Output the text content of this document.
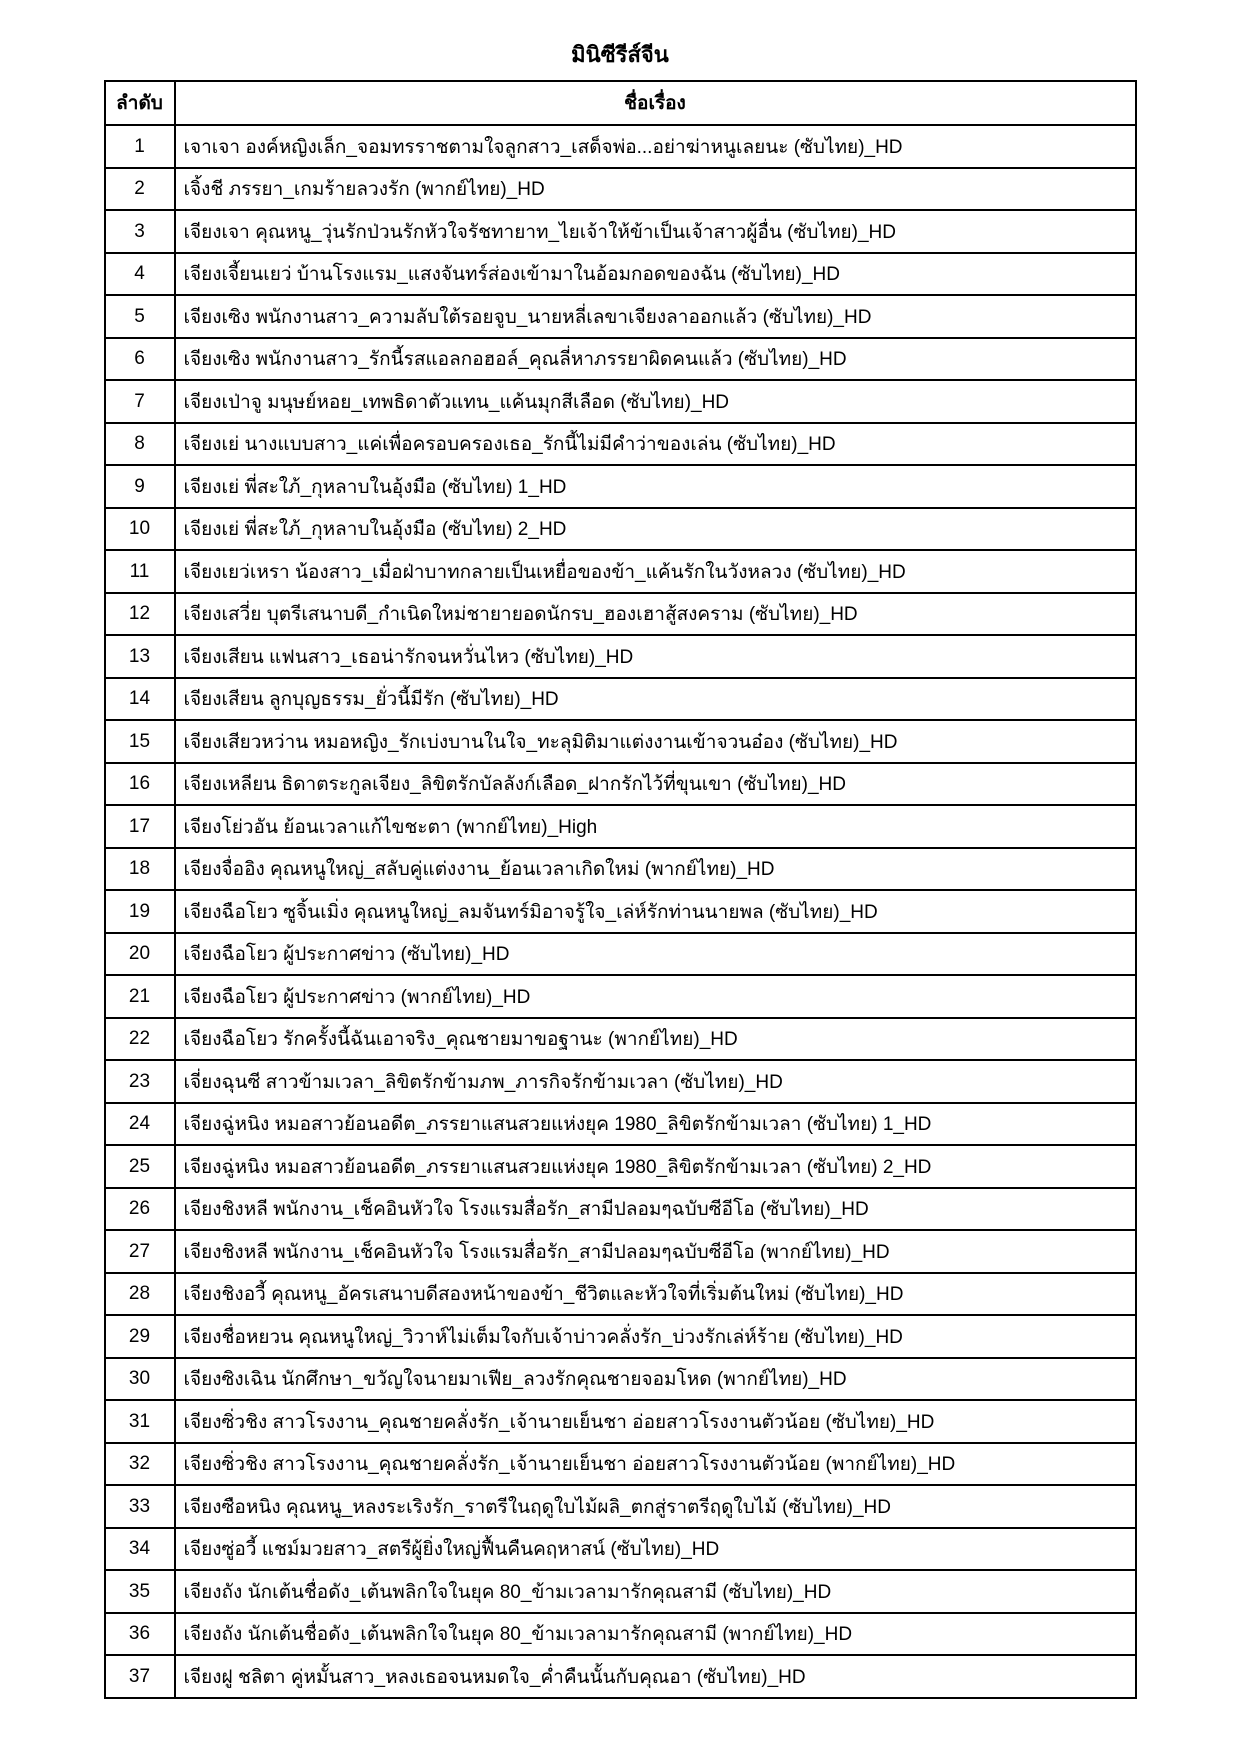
มินิซีรีส์จีน
ลำดับ	ชื่อเรื่อง
1	เจาเจา องค์หญิงเล็ก_จอมทรราชตามใจลูกสาว_เสด็จพ่อ...อย่าฆ่าหนูเลยนะ (ซับไทย)_HD
2	เจิ้งชี ภรรยา_เกมร้ายลวงรัก (พากย์ไทย)_HD
3	เจียงเจา คุณหนู_วุ่นรักป่วนรักหัวใจรัชทายาท_ไยเจ้าให้ข้าเป็นเจ้าสาวผู้อื่น (ซับไทย)_HD
4	เจียงเจี้ยนเยว่ บ้านโรงแรม_แสงจันทร์ส่องเข้ามาในอ้อมกอดของฉัน (ซับไทย)_HD
5	เจียงเซิง พนักงานสาว_ความลับใต้รอยจูบ_นายหลี่เลขาเจียงลาออกแล้ว (ซับไทย)_HD
6	เจียงเซิง พนักงานสาว_รักนี้รสแอลกอฮอล์_คุณลี่หาภรรยาผิดคนแล้ว (ซับไทย)_HD
7	เจียงเป่าจู มนุษย์หอย_เทพธิดาตัวแทน_แค้นมุกสีเลือด (ซับไทย)_HD
8	เจียงเย่ นางแบบสาว_แค่เพื่อครอบครองเธอ_รักนี้ไม่มีคำว่าของเล่น (ซับไทย)_HD
9	เจียงเย่ พี่สะใภ้_กุหลาบในอุ้งมือ (ซับไทย) 1_HD
10	เจียงเย่ พี่สะใภ้_กุหลาบในอุ้งมือ (ซับไทย) 2_HD
11	เจียงเยว่เหรา น้องสาว_เมื่อฝ่าบาทกลายเป็นเหยื่อของข้า_แค้นรักในวังหลวง (ซับไทย)_HD
12	เจียงเสวี่ย บุตรีเสนาบดี_กำเนิดใหม่ชายายอดนักรบ_ฮองเฮาสู้สงคราม (ซับไทย)_HD
13	เจียงเสียน แฟนสาว_เธอน่ารักจนหวั่นไหว (ซับไทย)_HD
14	เจียงเสียน ลูกบุญธรรม_ยั่วนี้มีรัก (ซับไทย)_HD
15	เจียงเสียวหว่าน หมอหญิง_รักเบ่งบานในใจ_ทะลุมิติมาแต่งงานเข้าจวนอ๋อง (ซับไทย)_HD
16	เจียงเหลียน ธิดาตระกูลเจียง_ลิขิตรักบัลลังก์เลือด_ฝากรักไว้ที่ขุนเขา (ซับไทย)_HD
17	เจียงโย่วอัน ย้อนเวลาแก้ไขชะตา (พากย์ไทย)_High
18	เจียงจื่ออิง คุณหนูใหญ่_สลับคู่แต่งงาน_ย้อนเวลาเกิดใหม่ (พากย์ไทย)_HD
19	เจียงฉือโยว ซูจิ้นเมิ่ง คุณหนูใหญ่_ลมจันทร์มิอาจรู้ใจ_เล่ห์รักท่านนายพล (ซับไทย)_HD
20	เจียงฉือโยว ผู้ประกาศข่าว (ซับไทย)_HD
21	เจียงฉือโยว ผู้ประกาศข่าว (พากย์ไทย)_HD
22	เจียงฉือโยว รักครั้งนี้ฉันเอาจริง_คุณชายมาขอฐานะ (พากย์ไทย)_HD
23	เจี่ยงฉุนซี สาวข้ามเวลา_ลิขิตรักข้ามภพ_ภารกิจรักข้ามเวลา (ซับไทย)_HD
24	เจียงฉู่หนิง หมอสาวย้อนอดีต_ภรรยาแสนสวยแห่งยุค 1980_ลิขิตรักข้ามเวลา (ซับไทย) 1_HD
25	เจียงฉู่หนิง หมอสาวย้อนอดีต_ภรรยาแสนสวยแห่งยุค 1980_ลิขิตรักข้ามเวลา (ซับไทย) 2_HD
26	เจียงชิงหลี พนักงาน_เช็คอินหัวใจ โรงแรมสื่อรัก_สามีปลอมๆฉบับซีอีโอ (ซับไทย)_HD
27	เจียงชิงหลี พนักงาน_เช็คอินหัวใจ โรงแรมสื่อรัก_สามีปลอมๆฉบับซีอีโอ (พากย์ไทย)_HD
28	เจียงชิงอวี้ คุณหนู_อัครเสนาบดีสองหน้าของข้า_ชีวิตและหัวใจที่เริ่มต้นใหม่ (ซับไทย)_HD
29	เจียงชื่อหยวน คุณหนูใหญ่_วิวาห์ไม่เต็มใจกับเจ้าบ่าวคลั่งรัก_บ่วงรักเล่ห์ร้าย (ซับไทย)_HD
30	เจียงซิงเฉิน นักศึกษา_ขวัญใจนายมาเฟีย_ลวงรักคุณชายจอมโหด (พากย์ไทย)_HD
31	เจียงซิ่วชิง สาวโรงงาน_คุณชายคลั่งรัก_เจ้านายเย็นชา อ่อยสาวโรงงานตัวน้อย (ซับไทย)_HD
32	เจียงซิ่วชิง สาวโรงงาน_คุณชายคลั่งรัก_เจ้านายเย็นชา อ่อยสาวโรงงานตัวน้อย (พากย์ไทย)_HD
33	เจียงซือหนิง คุณหนู_หลงระเริงรัก_ราตรีในฤดูใบไม้ผลิ_ตกสู่ราตรีฤดูใบไม้ (ซับไทย)_HD
34	เจียงซู่อวี้ แชม์มวยสาว_สตรีผู้ยิ่งใหญ่ฟื้นคืนคฤหาสน์ (ซับไทย)_HD
35	เจียงถัง นักเต้นชื่อดัง_เต้นพลิกใจในยุค 80_ข้ามเวลามารักคุณสามี (ซับไทย)_HD
36	เจียงถัง นักเต้นชื่อดัง_เต้นพลิกใจในยุค 80_ข้ามเวลามารักคุณสามี (พากย์ไทย)_HD
37	เจียงฝู ชลิตา คู่หมั้นสาว_หลงเธอจนหมดใจ_ค่ำคืนนั้นกับคุณอา (ซับไทย)_HD
